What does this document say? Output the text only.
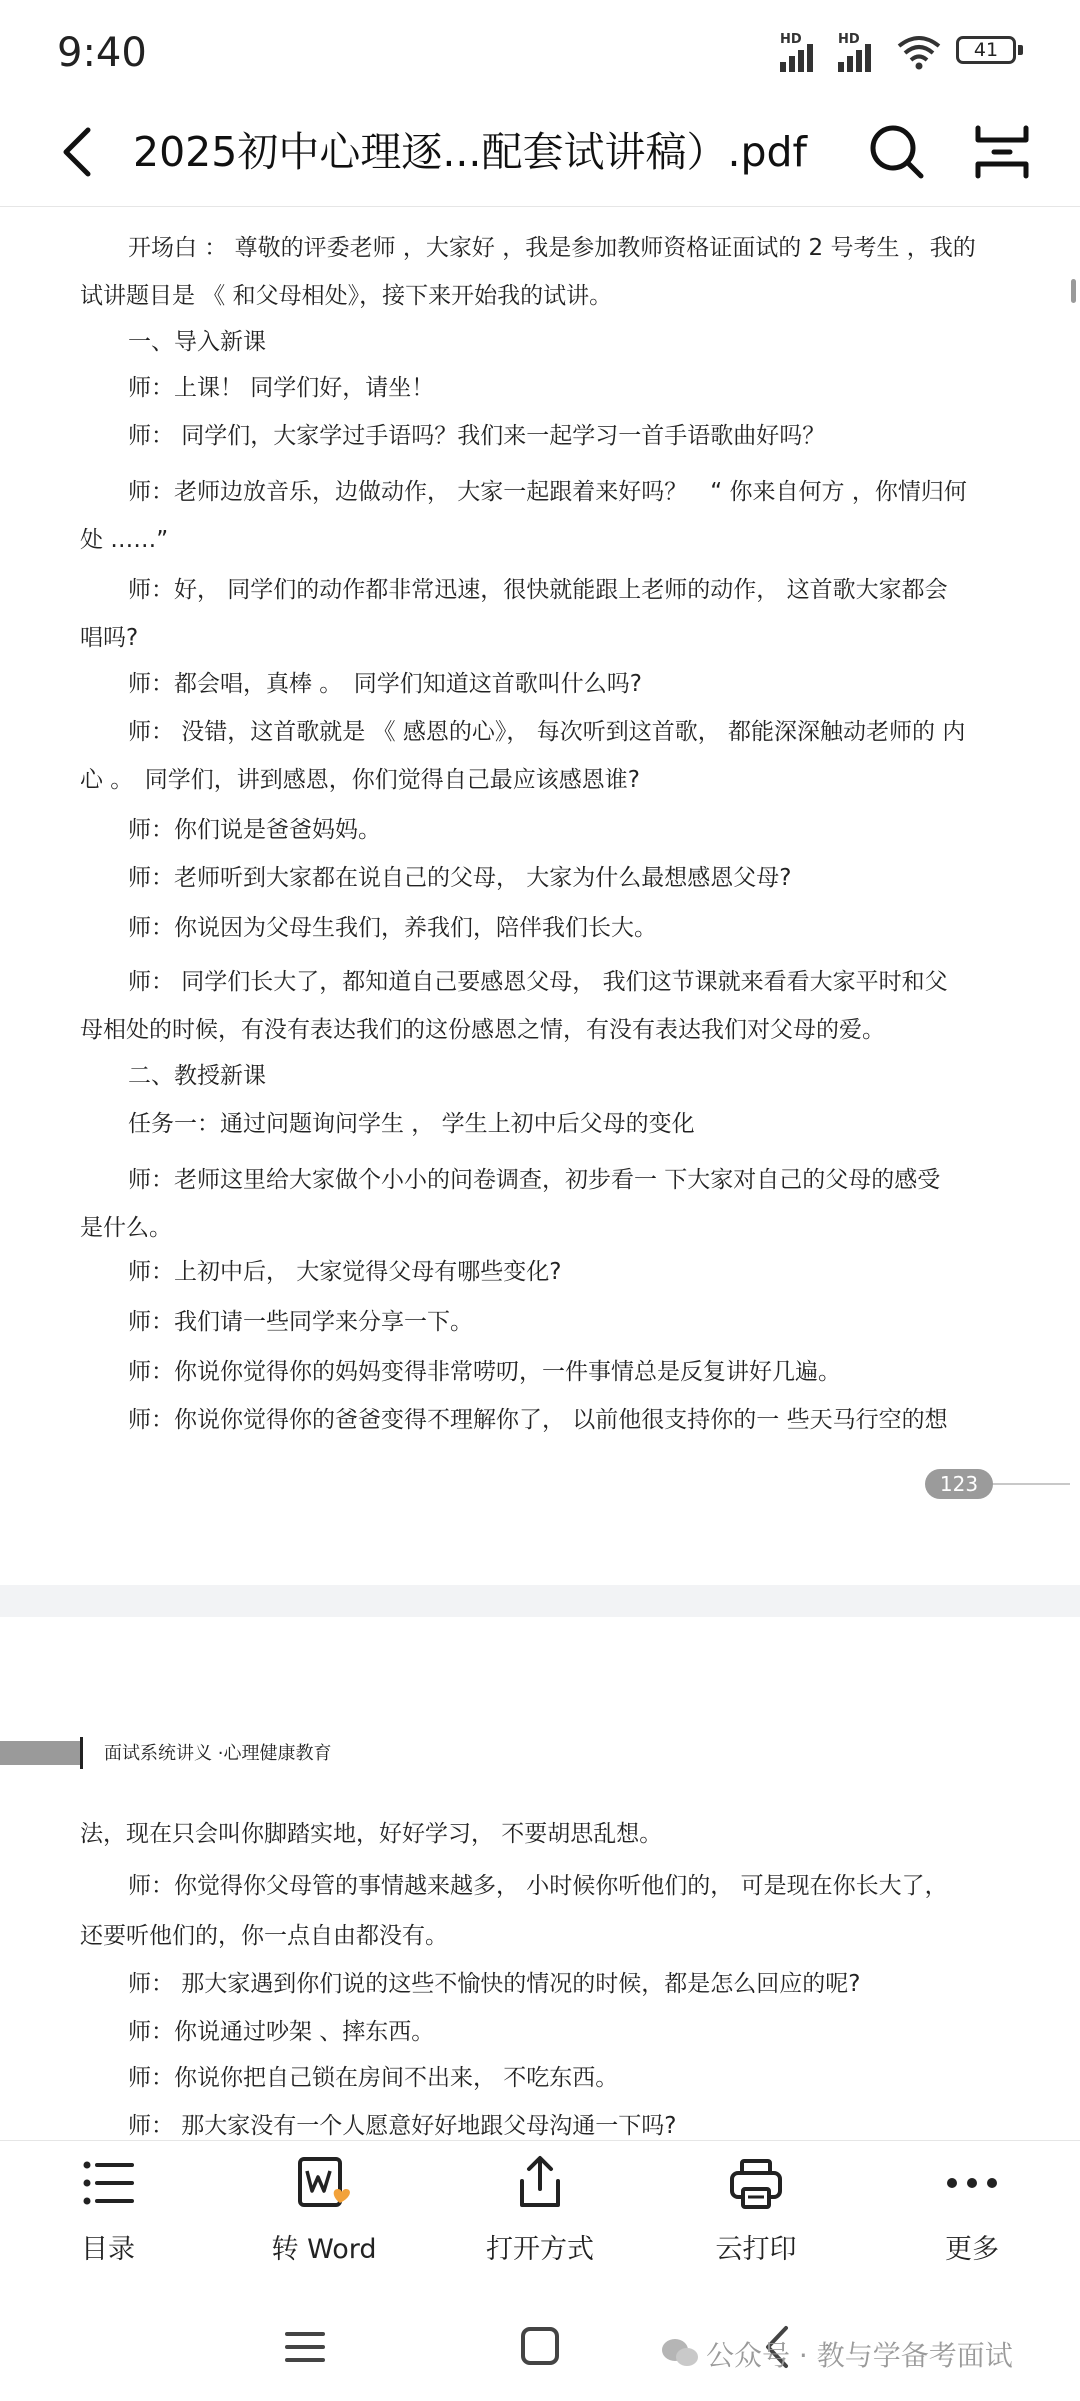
9:40	HD	HD	41
2025初中心理逐...配套试讲稿）.pdf
开场白 ： 尊敬的评委老师 ，大家好 ，我是参加教师资格证面试的 2 号考生 ，我的
试讲题目是 《 和父母相处》，接下来开始我的试讲。
一、导入新课
师：上课！ 同学们好，请坐！
师： 同学们，大家学过手语吗？我们来一起学习一首手语歌曲好吗？
师：老师边放音乐，边做动作， 大家一起跟着来好吗？　“ 你来自何方 ，你情归何
处 ……”
师：好， 同学们的动作都非常迅速，很快就能跟上老师的动作， 这首歌大家都会
唱吗?
师：都会唱，真棒 。　同学们知道这首歌叫什么吗?
师： 没错，这首歌就是 《 感恩的心》， 每次听到这首歌， 都能深深触动老师的 内
心 。　同学们，讲到感恩，你们觉得自己最应该感恩谁?
师：你们说是爸爸妈妈。
师：老师听到大家都在说自己的父母， 大家为什么最想感恩父母?
师：你说因为父母生我们，养我们，陪伴我们长大。
师： 同学们长大了，都知道自己要感恩父母， 我们这节课就来看看大家平时和父
母相处的时候，有没有表达我们的这份感恩之情，有没有表达我们对父母的爱。
二、教授新课
任务一：通过问题询问学生 ， 学生上初中后父母的变化
师：老师这里给大家做个小小的问卷调查，初步看一 下大家对自己的父母的感受
是什么。
师：上初中后， 大家觉得父母有哪些变化?
师：我们请一些同学来分享一下。
师：你说你觉得你的妈妈变得非常唠叨，一件事情总是反复讲好几遍。
师：你说你觉得你的爸爸变得不理解你了， 以前他很支持你的一 些天马行空的想
123
面试系统讲义 ·心理健康教育
法，现在只会叫你脚踏实地，好好学习， 不要胡思乱想。
师：你觉得你父母管的事情越来越多， 小时候你听他们的， 可是现在你长大了，
还要听他们的，你一点自由都没有。
师： 那大家遇到你们说的这些不愉快的情况的时候，都是怎么回应的呢?
师：你说通过吵架 、摔东西。
师：你说你把自己锁在房间不出来， 不吃东西。
师： 那大家没有一个人愿意好好地跟父母沟通一下吗?
目录	转 Word	打开方式	云打印	更多
公众号 · 教与学备考面试
